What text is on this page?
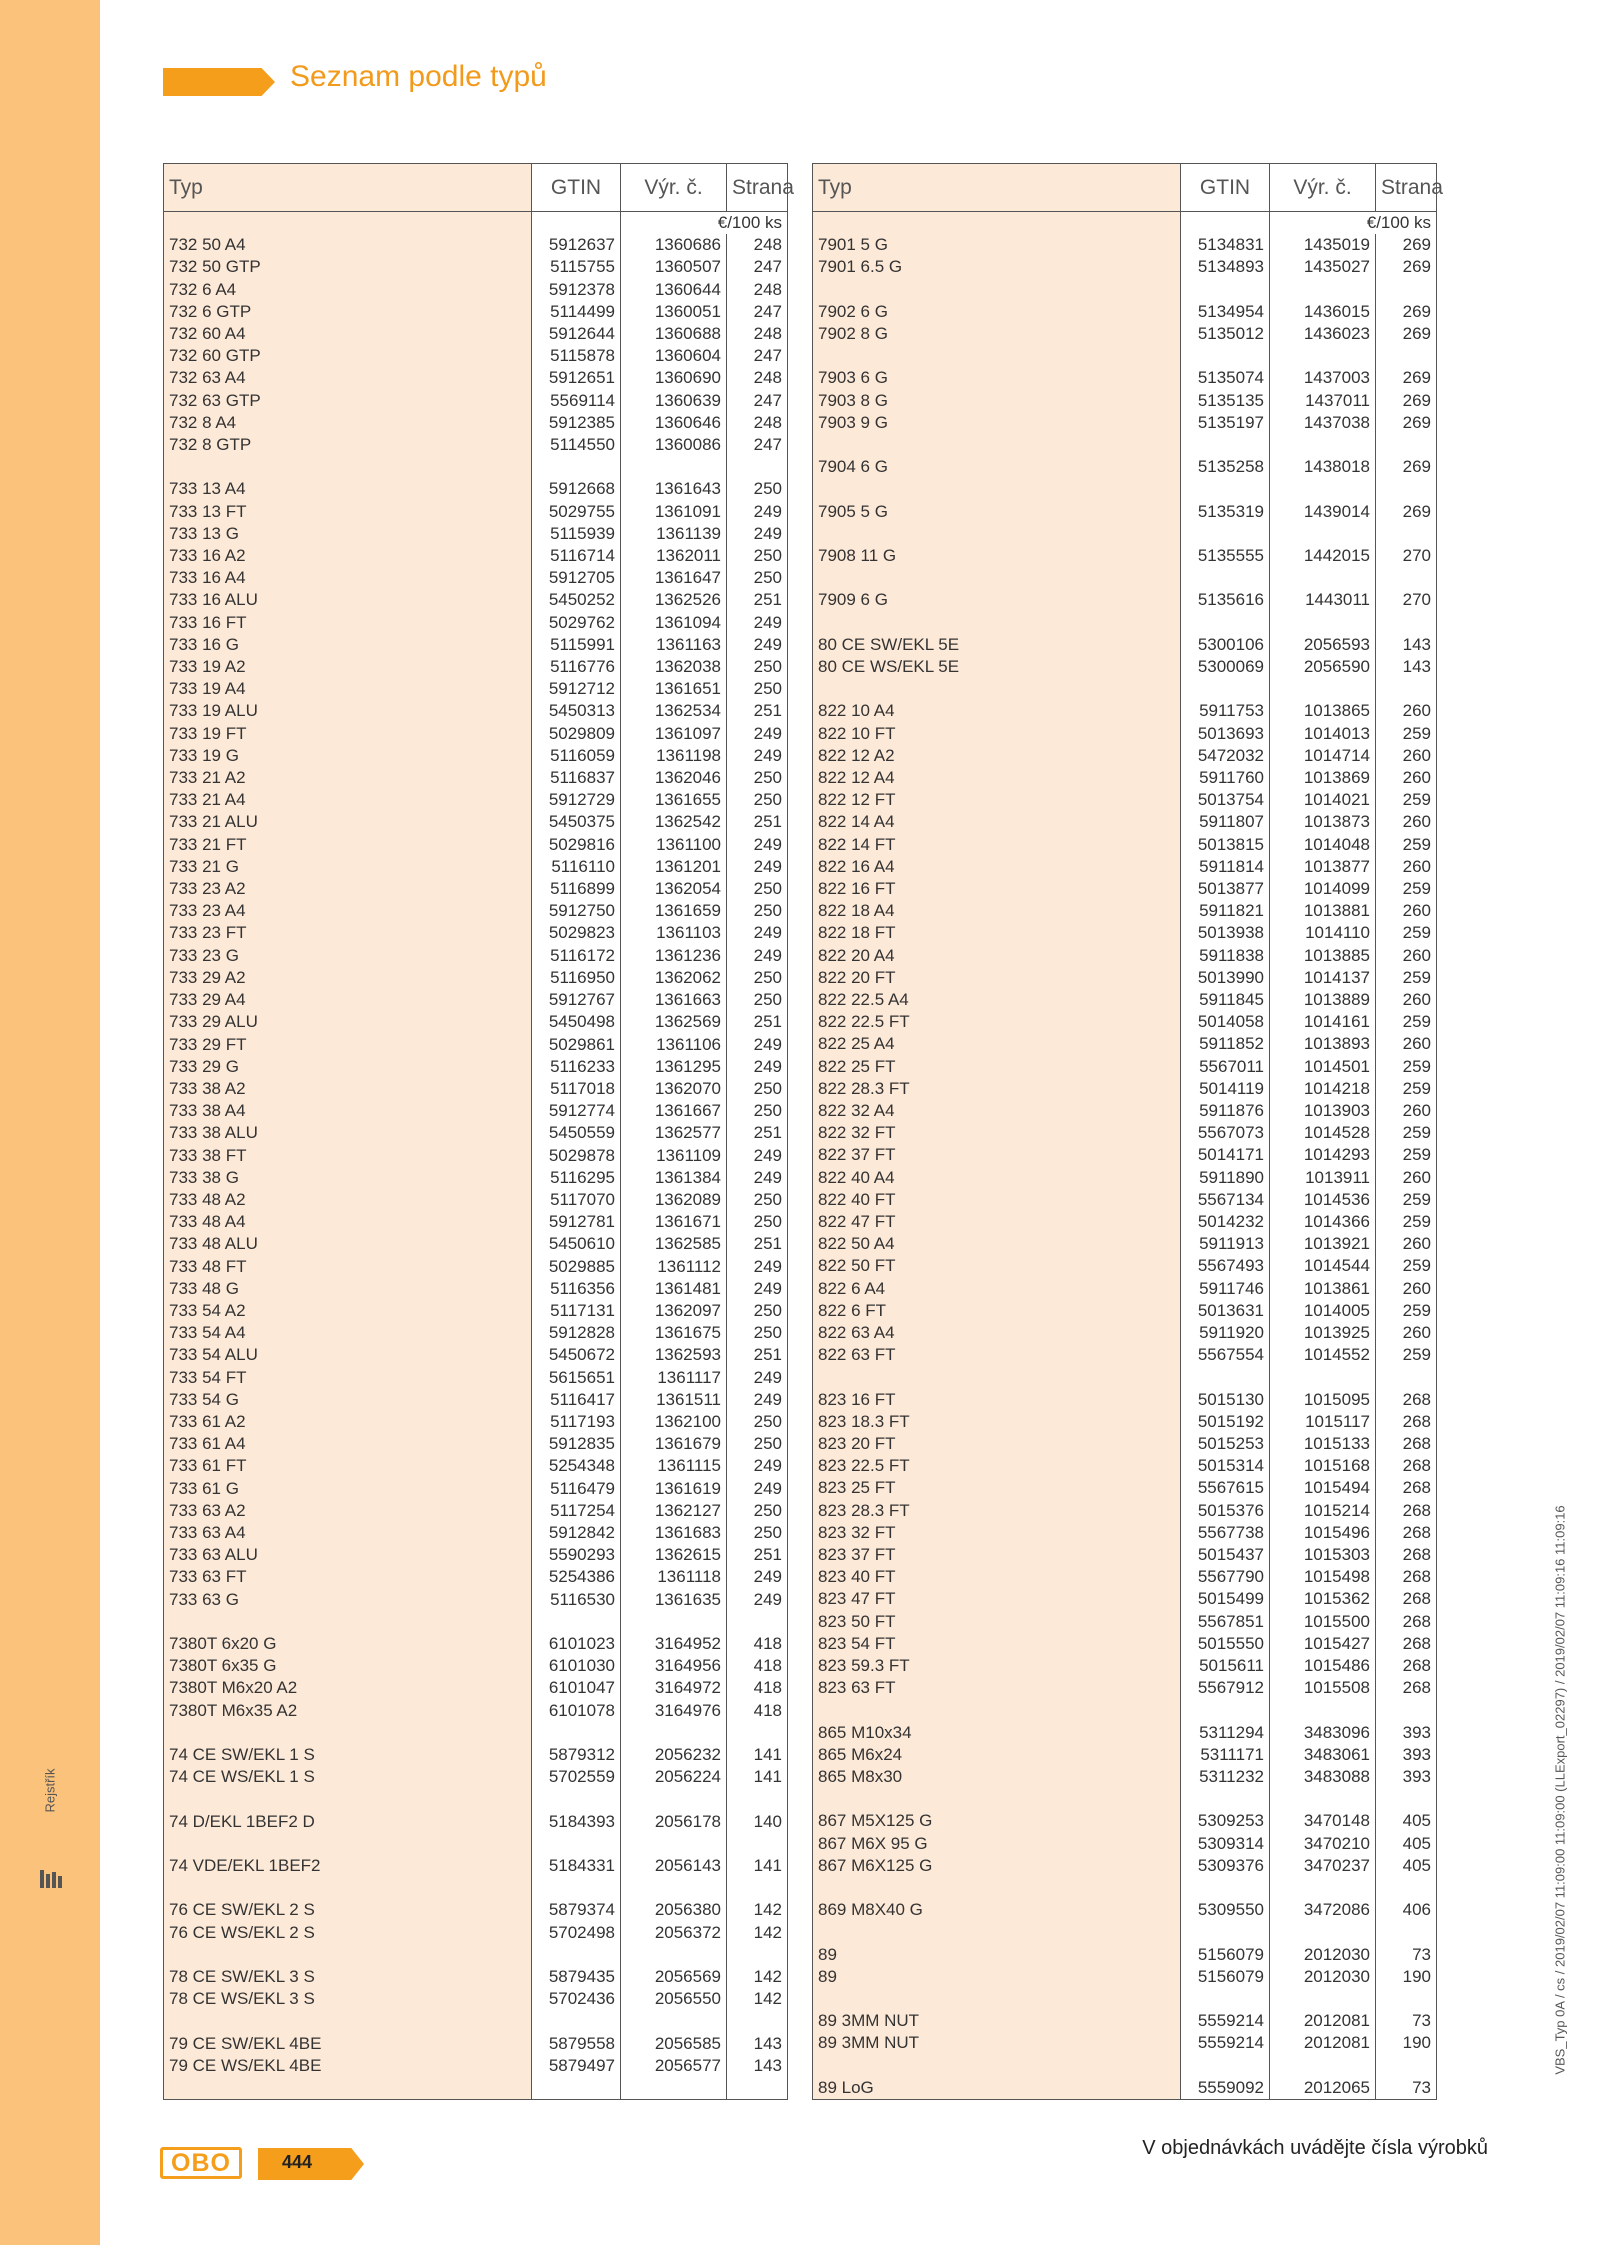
Rejstřík
Seznam podle typů
Typ	GTIN	Výr. č.	Strana
		€/100 ks	
732 50 A4	5912637	1360686	248
732 50 GTP	5115755	1360507	247
732 6 A4	5912378	1360644	248
732 6 GTP	5114499	1360051	247
732 60 A4	5912644	1360688	248
732 60 GTP	5115878	1360604	247
732 63 A4	5912651	1360690	248
732 63 GTP	5569114	1360639	247
732 8 A4	5912385	1360646	248
732 8 GTP	5114550	1360086	247

733 13 A4	5912668	1361643	250
733 13 FT	5029755	1361091	249
733 13 G	5115939	1361139	249
733 16 A2	5116714	1362011	250
733 16 A4	5912705	1361647	250
733 16 ALU	5450252	1362526	251
733 16 FT	5029762	1361094	249
733 16 G	5115991	1361163	249
733 19 A2	5116776	1362038	250
733 19 A4	5912712	1361651	250
733 19 ALU	5450313	1362534	251
733 19 FT	5029809	1361097	249
733 19 G	5116059	1361198	249
733 21 A2	5116837	1362046	250
733 21 A4	5912729	1361655	250
733 21 ALU	5450375	1362542	251
733 21 FT	5029816	1361100	249
733 21 G	5116110	1361201	249
733 23 A2	5116899	1362054	250
733 23 A4	5912750	1361659	250
733 23 FT	5029823	1361103	249
733 23 G	5116172	1361236	249
733 29 A2	5116950	1362062	250
733 29 A4	5912767	1361663	250
733 29 ALU	5450498	1362569	251
733 29 FT	5029861	1361106	249
733 29 G	5116233	1361295	249
733 38 A2	5117018	1362070	250
733 38 A4	5912774	1361667	250
733 38 ALU	5450559	1362577	251
733 38 FT	5029878	1361109	249
733 38 G	5116295	1361384	249
733 48 A2	5117070	1362089	250
733 48 A4	5912781	1361671	250
733 48 ALU	5450610	1362585	251
733 48 FT	5029885	1361112	249
733 48 G	5116356	1361481	249
733 54 A2	5117131	1362097	250
733 54 A4	5912828	1361675	250
733 54 ALU	5450672	1362593	251
733 54 FT	5615651	1361117	249
733 54 G	5116417	1361511	249
733 61 A2	5117193	1362100	250
733 61 A4	5912835	1361679	250
733 61 FT	5254348	1361115	249
733 61 G	5116479	1361619	249
733 63 A2	5117254	1362127	250
733 63 A4	5912842	1361683	250
733 63 ALU	5590293	1362615	251
733 63 FT	5254386	1361118	249
733 63 G	5116530	1361635	249

7380T 6x20 G	6101023	3164952	418
7380T 6x35 G	6101030	3164956	418
7380T M6x20 A2	6101047	3164972	418
7380T M6x35 A2	6101078	3164976	418

74 CE SW/EKL 1 S	5879312	2056232	141
74 CE WS/EKL 1 S	5702559	2056224	141

74 D/EKL 1BEF2 D	5184393	2056178	140

74 VDE/EKL 1BEF2	5184331	2056143	141

76 CE SW/EKL 2 S	5879374	2056380	142
76 CE WS/EKL 2 S	5702498	2056372	142

78 CE SW/EKL 3 S	5879435	2056569	142
78 CE WS/EKL 3 S	5702436	2056550	142

79 CE SW/EKL 4BE	5879558	2056585	143
79 CE WS/EKL 4BE	5879497	2056577	143

Typ	GTIN	Výr. č.	Strana
		€/100 ks	
7901 5 G	5134831	1435019	269
7901 6.5 G	5134893	1435027	269

7902 6 G	5134954	1436015	269
7902 8 G	5135012	1436023	269

7903 6 G	5135074	1437003	269
7903 8 G	5135135	1437011	269
7903 9 G	5135197	1437038	269

7904 6 G	5135258	1438018	269

7905 5 G	5135319	1439014	269

7908 11 G	5135555	1442015	270

7909 6 G	5135616	1443011	270

80 CE SW/EKL 5E	5300106	2056593	143
80 CE WS/EKL 5E	5300069	2056590	143

822 10 A4	5911753	1013865	260
822 10 FT	5013693	1014013	259
822 12 A2	5472032	1014714	260
822 12 A4	5911760	1013869	260
822 12 FT	5013754	1014021	259
822 14 A4	5911807	1013873	260
822 14 FT	5013815	1014048	259
822 16 A4	5911814	1013877	260
822 16 FT	5013877	1014099	259
822 18 A4	5911821	1013881	260
822 18 FT	5013938	1014110	259
822 20 A4	5911838	1013885	260
822 20 FT	5013990	1014137	259
822 22.5 A4	5911845	1013889	260
822 22.5 FT	5014058	1014161	259
822 25 A4	5911852	1013893	260
822 25 FT	5567011	1014501	259
822 28.3 FT	5014119	1014218	259
822 32 A4	5911876	1013903	260
822 32 FT	5567073	1014528	259
822 37 FT	5014171	1014293	259
822 40 A4	5911890	1013911	260
822 40 FT	5567134	1014536	259
822 47 FT	5014232	1014366	259
822 50 A4	5911913	1013921	260
822 50 FT	5567493	1014544	259
822 6 A4	5911746	1013861	260
822 6 FT	5013631	1014005	259
822 63 A4	5911920	1013925	260
822 63 FT	5567554	1014552	259

823 16 FT	5015130	1015095	268
823 18.3 FT	5015192	1015117	268
823 20 FT	5015253	1015133	268
823 22.5 FT	5015314	1015168	268
823 25 FT	5567615	1015494	268
823 28.3 FT	5015376	1015214	268
823 32 FT	5567738	1015496	268
823 37 FT	5015437	1015303	268
823 40 FT	5567790	1015498	268
823 47 FT	5015499	1015362	268
823 50 FT	5567851	1015500	268
823 54 FT	5015550	1015427	268
823 59.3 FT	5015611	1015486	268
823 63 FT	5567912	1015508	268

865 M10x34	5311294	3483096	393
865 M6x24	5311171	3483061	393
865 M8x30	5311232	3483088	393

867 M5X125 G	5309253	3470148	405
867 M6X 95 G	5309314	3470210	405
867 M6X125 G	5309376	3470237	405

869 M8X40 G	5309550	3472086	406

89	5156079	2012030	73
89	5156079	2012030	190

89 3MM NUT	5559214	2012081	73
89 3MM NUT	5559214	2012081	190

89 LoG	5559092	2012065	73
OBO	444
V objednávkách uvádějte čísla výrobků
VBS_Typ 0A / cs / 2019/02/07 11:09:00 11:09:00 (LLExport_02297) / 2019/02/07 11:09:16 11:09:16
